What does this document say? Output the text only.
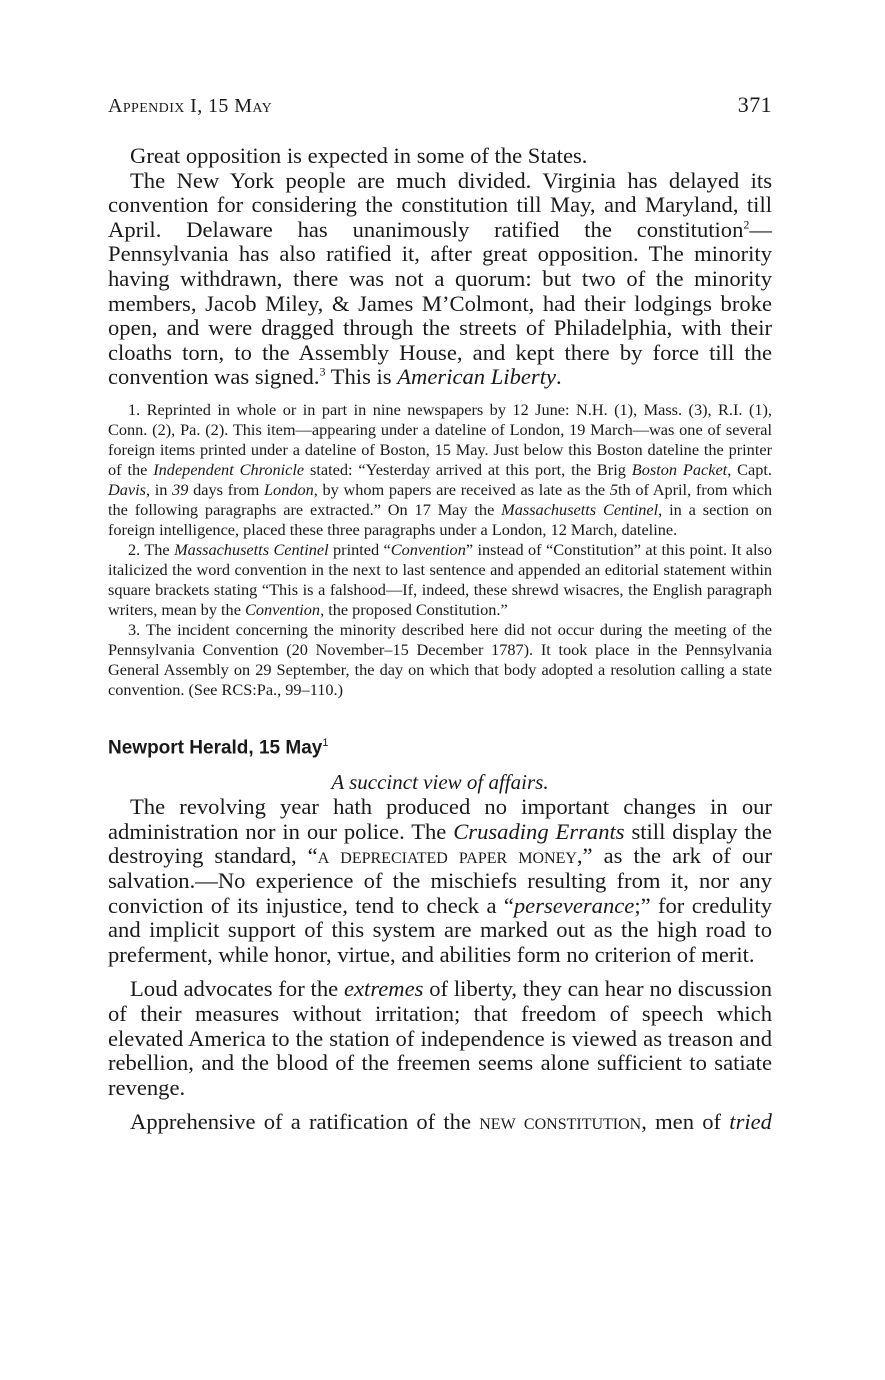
Appendix I, 15 May	371

Great opposition is expected in some of the States.

The New York people are much divided. Virginia has delayed its convention for considering the constitution till May, and Maryland, till April. Delaware has unanimously ratified the constitution$^2$—Pennsylvania has also ratified it, after great opposition. The minority having withdrawn, there was not a quorum: but two of the minority members, Jacob Miley, & James M’Colmont, had their lodgings broke open, and were dragged through the streets of Philadelphia, with their cloaths torn, to the Assembly House, and kept there by force till the convention was signed.$^3$ This is American Liberty.

1. Reprinted in whole or in part in nine newspapers by 12 June: N.H. (1), Mass. (3), R.I. (1), Conn. (2), Pa. (2). This item—appearing under a dateline of London, 19 March—was one of several foreign items printed under a dateline of Boston, 15 May. Just below this Boston dateline the printer of the Independent Chronicle stated: “Yesterday arrived at this port, the Brig Boston Packet, Capt. Davis, in 39 days from London, by whom papers are received as late as the 5th of April, from which the following paragraphs are extracted.” On 17 May the Massachusetts Centinel, in a section on foreign intelligence, placed these three paragraphs under a London, 12 March, dateline.

2. The Massachusetts Centinel printed “Convention” instead of “Constitution” at this point. It also italicized the word convention in the next to last sentence and appended an editorial statement within square brackets stating “This is a falshood—If, indeed, these shrewd wisacres, the English paragraph writers, mean by the Convention, the proposed Constitution.”

3. The incident concerning the minority described here did not occur during the meeting of the Pennsylvania Convention (20 November–15 December 1787). It took place in the Pennsylvania General Assembly on 29 September, the day on which that body adopted a resolution calling a state convention. (See RCS:Pa., 99–110.)

Newport Herald, 15 May$^1$
A succinct view of affairs.

The revolving year hath produced no important changes in our administration nor in our police. The Crusading Errants still display the destroying standard, “a depreciated paper money,” as the ark of our salvation.—No experience of the mischiefs resulting from it, nor any conviction of its injustice, tend to check a “perseverance;” for credulity and implicit support of this system are marked out as the high road to preferment, while honor, virtue, and abilities form no criterion of merit.

Loud advocates for the extremes of liberty, they can hear no discussion of their measures without irritation; that freedom of speech which elevated America to the station of independence is viewed as treason and rebellion, and the blood of the freemen seems alone sufficient to satiate revenge.

Apprehensive of a ratification of the new constitution, men of tried
